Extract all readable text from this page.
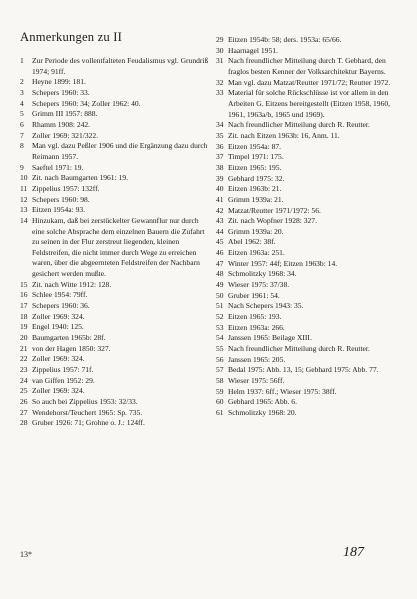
Anmerkungen zu II
1	Zur Periode des vollentfalteten Feudalismus vgl. Grundriß 1974; 91ff.
2	Heyne 1899: 181.
3	Schepers 1960: 33.
4	Schepers 1960: 34; Zoller 1962: 40.
5	Grimm III 1957: 888.
6	Rhamm 1908: 242.
7	Zoller 1969: 321/322.
8	Man vgl. dazu Peßler 1906 und die Ergänzung dazu durch Reimann 1957.
9	Saeftel 1971: 19.
10 Zit. nach Baumgarten 1961: 19.
11 Zippelius 1957: 132ff.
12 Schepers 1960: 98.
13 Eitzen 1954a: 93.
14 Hinzukam, daß bei zerstückelter Gewannflur nur durch eine solche Absprache dem einzelnen Bauern die Zufahrt zu seinen in der Flur zerstreut liegenden, kleinen Feldstreifen, die nicht immer durch Wege zu erreichen waren, über die abgeernteten Feldstreifen der Nachbarn gesichert werden mußte.
15 Zit. nach Witte 1912: 128.
16 Schlee 1954: 79ff.
17 Schepers 1960: 36.
18 Zoller 1969: 324.
19 Engel 1940: 125.
20 Baumgarten 1965b: 28f.
21 von der Hagen 1850: 327.
22 Zoller 1969: 324.
23 Zippelius 1957: 71f.
24 van Giffen 1952: 29.
25 Zoller 1969: 324.
26 So auch bei Zippelius 1953: 32/33.
27 Wendehorst/Teuchert 1965: Sp. 735.
28 Gruber 1926: 71; Grohne o. J.: 124ff.
29 Eitzen 1954b: 58; ders. 1953a: 65/66.
30 Haarnagel 1951.
31 Nach freundlicher Mitteilung durch T. Gebhard, den fraglos besten Kenner der Volksarchitektur Bayerns.
32 Man vgl. dazu Matzat/Reutter 1971/72; Reutter 1972.
33 Material für solche Rückschlüsse ist vor allem in den Arbeiten G. Eitzens bereitgestellt (Eitzen 1958, 1960, 1961, 1963a/b, 1965 und 1969).
34 Nach freundlicher Mitteilung durch R. Reutter.
35 Zit. nach Eitzen 1963b: 16, Anm. 11.
36 Eitzen 1954a: 87.
37 Timpel 1971: 175.
38 Eitzen 1965: 195.
39 Gebhard 1975: 32.
40 Eitzen 1963b: 21.
41 Grimm 1939a: 21.
42 Matzat/Reutter 1971/1972: 56.
43 Zit. nach Wopfner 1928: 327.
44 Grimm 1939a: 20.
45 Abel 1962: 38f.
46 Eitzen 1963a: 251.
47 Winter 1957: 44f; Eitzen 1963b: 14.
48 Schmolitzky 1968: 34.
49 Wieser 1975: 37/38.
50 Gruber 1961: 54.
51 Nach Schepers 1943: 35.
52 Eitzen 1965: 193.
53 Eitzen 1963a: 266.
54 Janssen 1965: Beilage XIII.
55 Nach freundlicher Mitteilung durch R. Reutter.
56 Janssen 1965: 205.
57 Bedal 1975: Abb. 13, 15; Gebhard 1975: Abb. 77.
58 Wieser 1975: 56ff.
59 Helm 1937: 6ff.; Wieser 1975: 38ff.
60 Gebhard 1965: Abb. 6.
61 Schmolitzky 1968: 20.
13*	187
